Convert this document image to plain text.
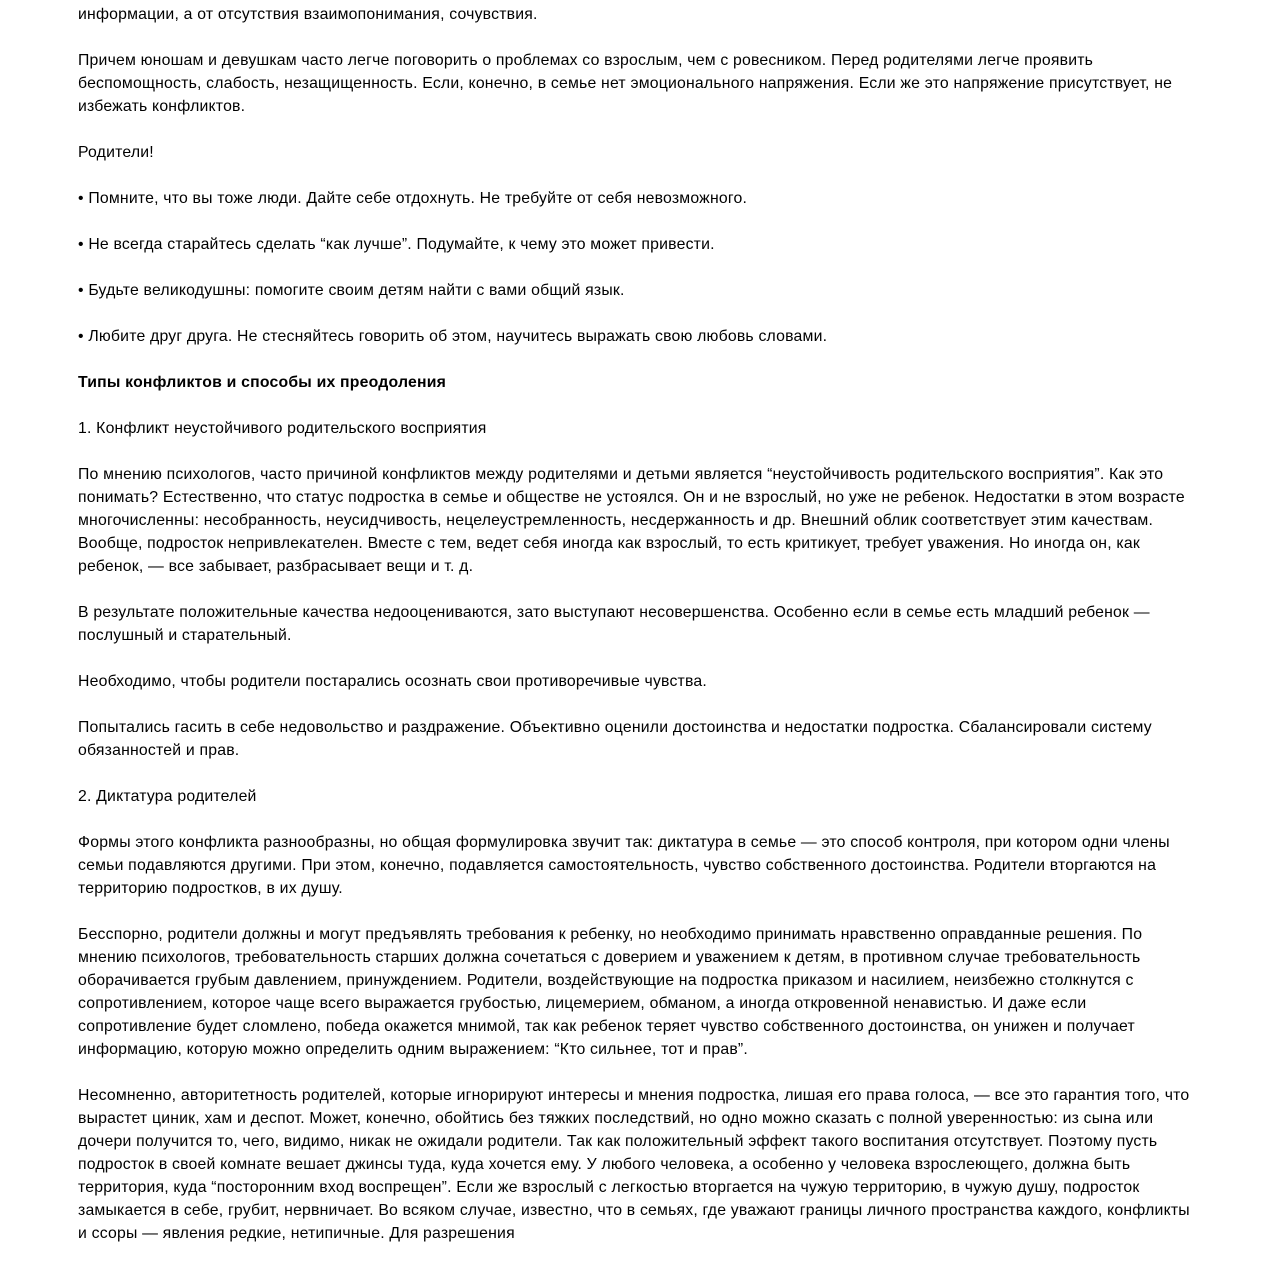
информации, а от отсутствия взаимопонимания, сочувствия.

Причем юношам и девушкам часто легче поговорить о проблемах со взрослым, чем с ровесником. Перед родителями легче проявить беспомощность, слабость, незащищенность. Если, конечно, в семье нет эмоционального напряжения. Если же это напряжение присутствует, не избежать конфликтов.

Родители!

• Помните, что вы тоже люди. Дайте себе отдохнуть. Не требуйте от себя невозможного.

• Не всегда старайтесь сделать “как лучше”. Подумайте, к чему это может привести.

• Будьте великодушны: помогите своим детям найти с вами общий язык.

• Любите друг друга. Не стесняйтесь говорить об этом, научитесь выражать свою любовь словами.

Типы конфликтов и способы их преодоления

1. Конфликт неустойчивого родительского восприятия

По мнению психологов, часто причиной конфликтов между родителями и детьми является “неустойчивость родительского восприятия”. Как это понимать? Естественно, что статус подростка в семье и обществе не устоялся. Он и не взрослый, но уже не ребенок. Недостатки в этом возрасте многочисленны: несобранность, неусидчивость, нецелеустремленность, несдержанность и др. Внешний облик соответствует этим качествам. Вообще, подросток непривлекателен. Вместе с тем, ведет себя иногда как взрослый, то есть критикует, требует уважения. Но иногда он, как ребенок, — все забывает, разбрасывает вещи и т. д.

В результате положительные качества недооцениваются, зато выступают несовершенства. Особенно если в семье есть младший ребенок — послушный и старательный.

Необходимо, чтобы родители постарались осознать свои противоречивые чувства.

Попытались гасить в себе недовольство и раздражение. Объективно оценили достоинства и недостатки подростка. Сбалансировали систему обязанностей и прав.

2. Диктатура родителей

Формы этого конфликта разнообразны, но общая формулировка звучит так: диктатура в семье — это способ контроля, при котором одни члены семьи подавляются другими. При этом, конечно, подавляется самостоятельность, чувство собственного достоинства. Родители вторгаются на территорию подростков, в их душу.

Бесспорно, родители должны и могут предъявлять требования к ребенку, но необходимо принимать нравственно оправданные решения. По мнению психологов, требовательность старших должна сочетаться с доверием и уважением к детям, в противном случае требовательность оборачивается грубым давлением, принуждением. Родители, воздействующие на подростка приказом и насилием, неизбежно столкнутся с сопротивлением, которое чаще всего выражается грубостью, лицемерием, обманом, а иногда откровенной ненавистью. И даже если сопротивление будет сломлено, победа окажется мнимой, так как ребенок теряет чувство собственного достоинства, он унижен и получает информацию, которую можно определить одним выражением: “Кто сильнее, тот и прав”.

Несомненно, авторитетность родителей, которые игнорируют интересы и мнения подростка, лишая его права голоса, — все это гарантия того, что вырастет циник, хам и деспот. Может, конечно, обойтись без тяжких последствий, но одно можно сказать с полной уверенностью: из сына или дочери получится то, чего, видимо, никак не ожидали родители. Так как положительный эффект такого воспитания отсутствует. Поэтому пусть подросток в своей комнате вешает джинсы туда, куда хочется ему. У любого человека, а особенно у человека взрослеющего, должна быть территория, куда “посторонним вход воспрещен”. Если же взрослый с легкостью вторгается на чужую территорию, в чужую душу, подросток замыкается в себе, грубит, нервничает. Во всяком случае, известно, что в семьях, где уважают границы личного пространства каждого, конфликты и ссоры — явления редкие, нетипичные. Для разрешения
